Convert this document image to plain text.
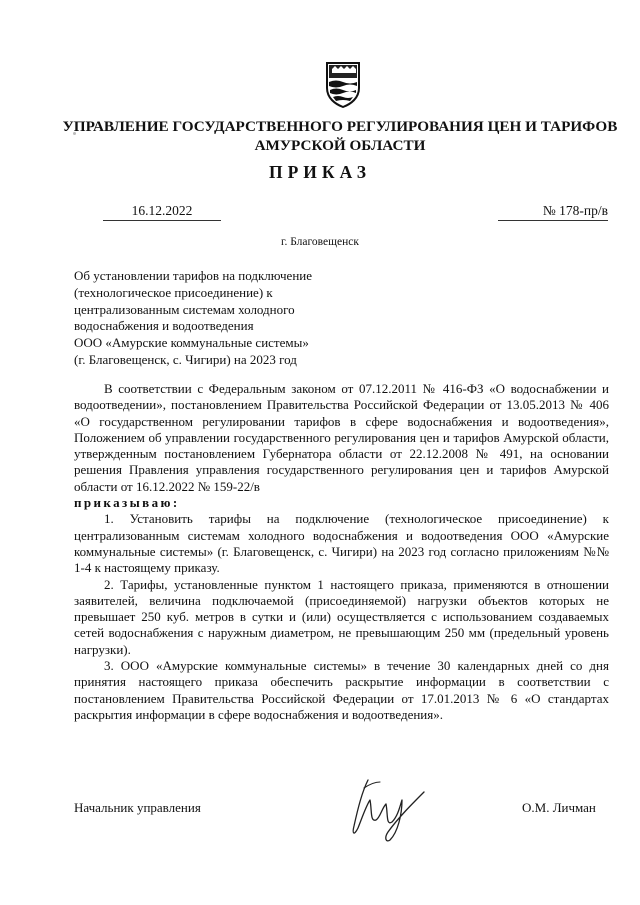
УПРАВЛЕНИЕ ГОСУДАРСТВЕННОГО РЕГУЛИРОВАНИЯ ЦЕН И ТАРИФОВ АМУРСКОЙ ОБЛАСТИ
ПРИКАЗ
16.12.2022	№ 178-пр/в
г. Благовещенск
Об установлении тарифов на подключение
(технологическое присоединение) к
централизованным системам холодного
водоснабжения и водоотведения
ООО «Амурские коммунальные системы»
(г. Благовещенск, с. Чигири) на 2023 год

В соответствии с Федеральным законом от 07.12.2011 № 416-ФЗ «О водоснабжении и водоотведении», постановлением Правительства Российской Федерации от 13.05.2013 № 406 «О государственном регулировании тарифов в сфере водоснабжения и водоотведения», Положением об управлении государственного регулирования цен и тарифов Амурской области, утвержденным постановлением Губернатора области от 22.12.2008 № 491, на основании решения Правления управления государственного регулирования цен и тарифов Амурской области от 16.12.2022 № 159-22/в

приказываю:

1. Установить тарифы на подключение (технологическое присоединение) к централизованным системам холодного водоснабжения и водоотведения ООО «Амурские коммунальные системы» (г. Благовещенск, с. Чигири) на 2023 год согласно приложениям №№ 1-4 к настоящему приказу.

2. Тарифы, установленные пунктом 1 настоящего приказа, применяются в отношении заявителей, величина подключаемой (присоединяемой) нагрузки объектов которых не превышает 250 куб. метров в сутки и (или) осуществляется с использованием создаваемых сетей водоснабжения с наружным диаметром, не превышающим 250 мм (предельный уровень нагрузки).

3. ООО «Амурские коммунальные системы» в течение 30 календарных дней со дня принятия настоящего приказа обеспечить раскрытие информации в соответствии с постановлением Правительства Российской Федерации от 17.01.2013 № 6 «О стандартах раскрытия информации в сфере водоснабжения и водоотведения».

Начальник управления	О.М. Личман
